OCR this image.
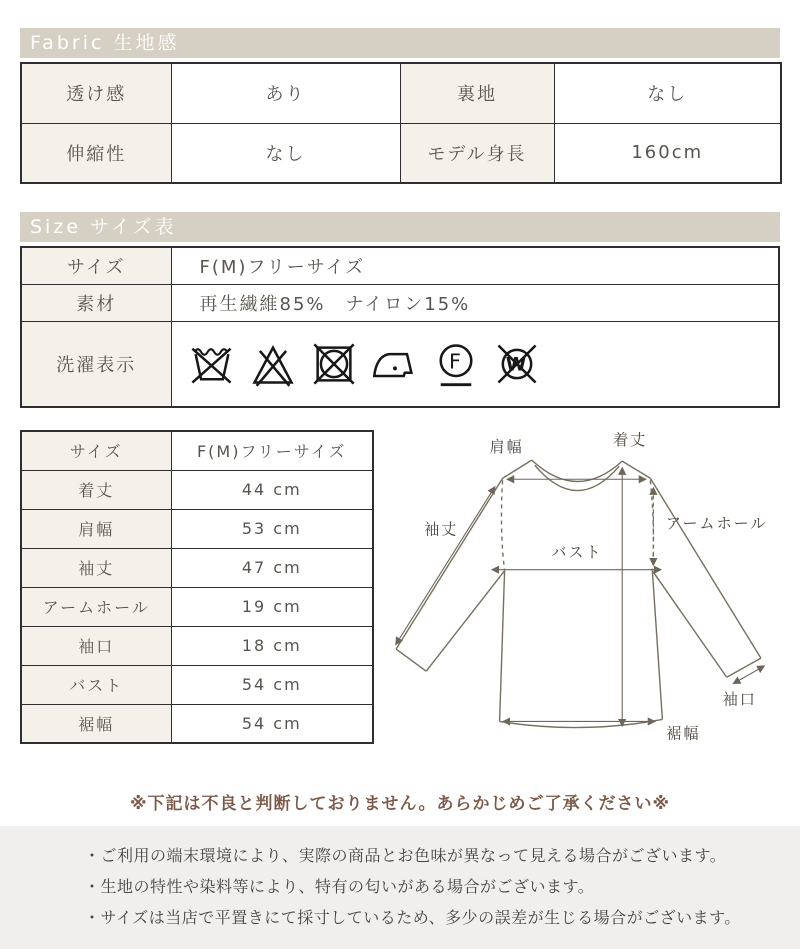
Fabric 生地感
透け感	あり	裏地	なし
伸縮性	なし	モデル身長	160cm
Size サイズ表
サイズ	F(M)フリーサイズ
素材	再生繊維85%　ナイロン15%
洗濯表示	F W
サイズ	F(M)フリーサイズ
着丈	44 cm
肩幅	53 cm
袖丈	47 cm
アームホール	19 cm
袖口	18 cm
バスト	54 cm
裾幅	54 cm
肩幅	着丈
袖丈
バスト
アームホール
袖口
裾幅
※下記は不良と判断しておりません。あらかじめご了承ください※
・ご利用の端末環境により、実際の商品とお色味が異なって見える場合がございます。
・生地の特性や染料等により、特有の匂いがある場合がございます。
・サイズは当店で平置きにて採寸しているため、多少の誤差が生じる場合がございます。
